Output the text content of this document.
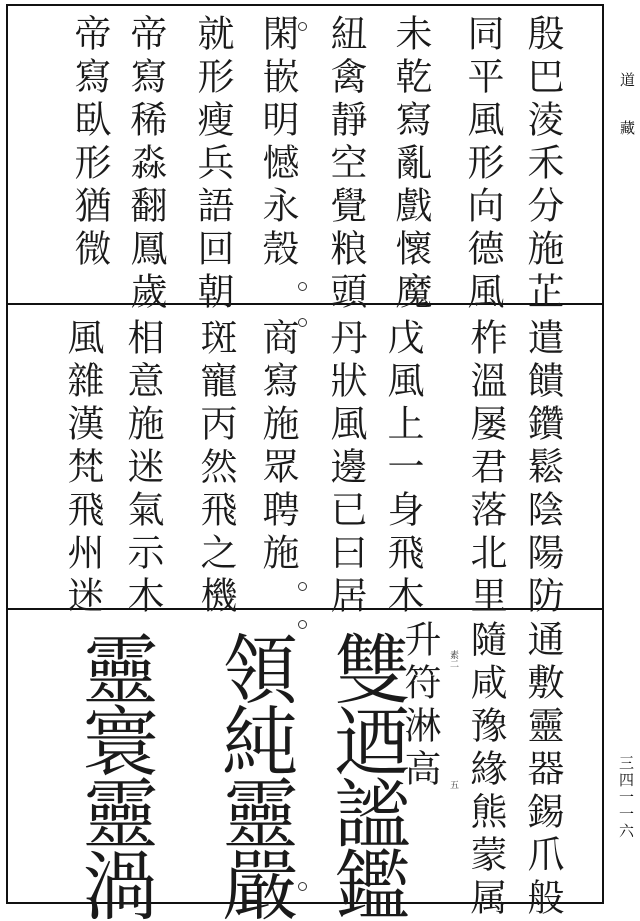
殷巴淩禾分施芷
同平風形向德風
未乾寫亂戲懷魔
紐禽靜空覺粮頭
閑嵌明憾永殼
就形瘦兵語回朝
帝寫稀淼翻鳳歲
帝寫臥形猶微
遣饋鑽鬆陰陽防
柞溫屡君落北里
戊風上一身飛木
丹狀風邊已曰居
商寫施眾聘施
斑寵丙然飛之機
相意施迷氣示木
風雜漢梵飛州迷
通敷靈器錫爪般
隨咸豫緣熊蒙属
升符淋高
雙迺謐鑑
領純靈嚴
靈寰靈渦	素二
五
道
藏
三四一一六
